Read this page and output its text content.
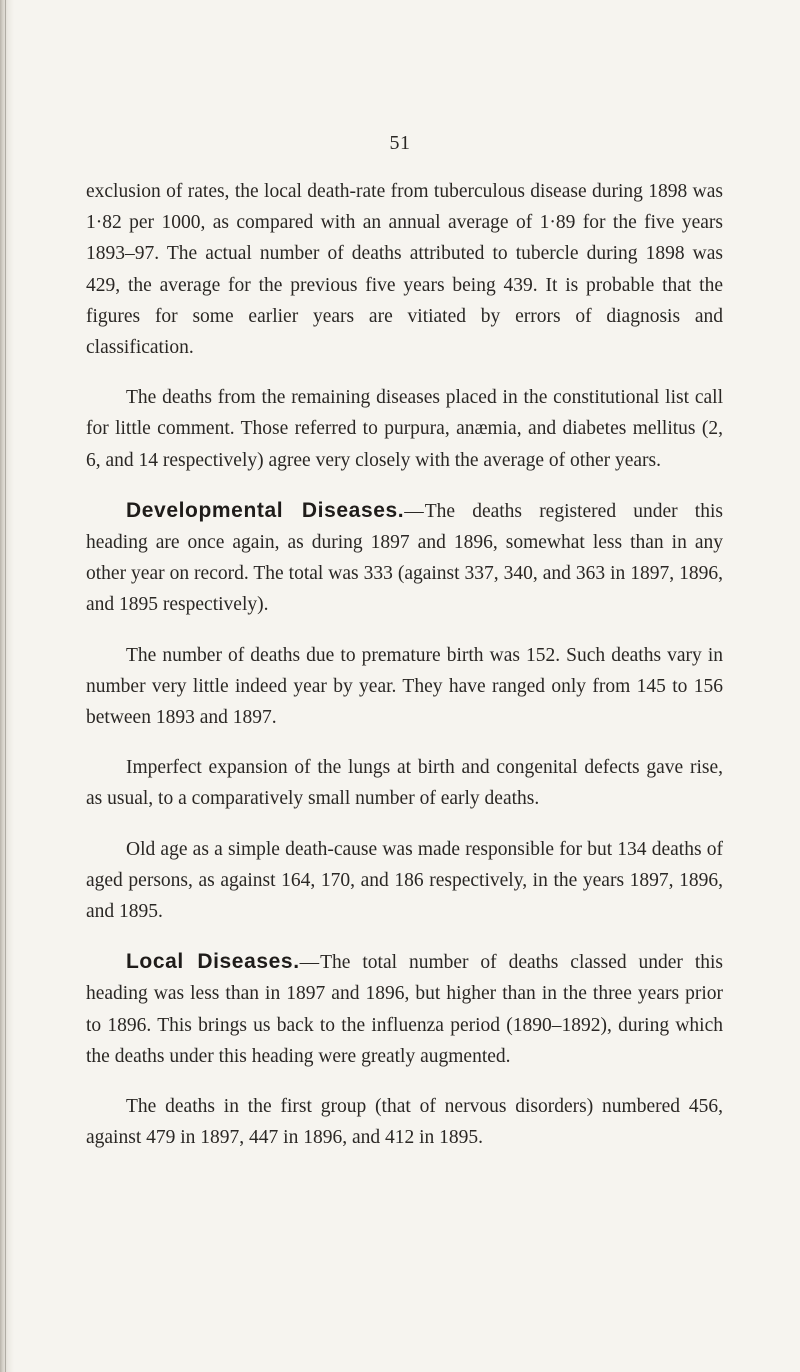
51

exclusion of rates, the local death-rate from tuberculous disease during 1898 was 1·82 per 1000, as compared with an annual average of 1·89 for the five years 1893–97. The actual number of deaths attributed to tubercle during 1898 was 429, the average for the previous five years being 439. It is probable that the figures for some earlier years are vitiated by errors of diagnosis and classification.

The deaths from the remaining diseases placed in the constitutional list call for little comment. Those referred to purpura, anæmia, and diabetes mellitus (2, 6, and 14 respectively) agree very closely with the average of other years.

Developmental Diseases.—The deaths registered under this heading are once again, as during 1897 and 1896, somewhat less than in any other year on record. The total was 333 (against 337, 340, and 363 in 1897, 1896, and 1895 respectively).

The number of deaths due to premature birth was 152. Such deaths vary in number very little indeed year by year. They have ranged only from 145 to 156 between 1893 and 1897.

Imperfect expansion of the lungs at birth and congenital defects gave rise, as usual, to a comparatively small number of early deaths.

Old age as a simple death-cause was made responsible for but 134 deaths of aged persons, as against 164, 170, and 186 respectively, in the years 1897, 1896, and 1895.

Local Diseases.—The total number of deaths classed under this heading was less than in 1897 and 1896, but higher than in the three years prior to 1896. This brings us back to the influenza period (1890–1892), during which the deaths under this heading were greatly augmented.

The deaths in the first group (that of nervous disorders) numbered 456, against 479 in 1897, 447 in 1896, and 412 in 1895.
